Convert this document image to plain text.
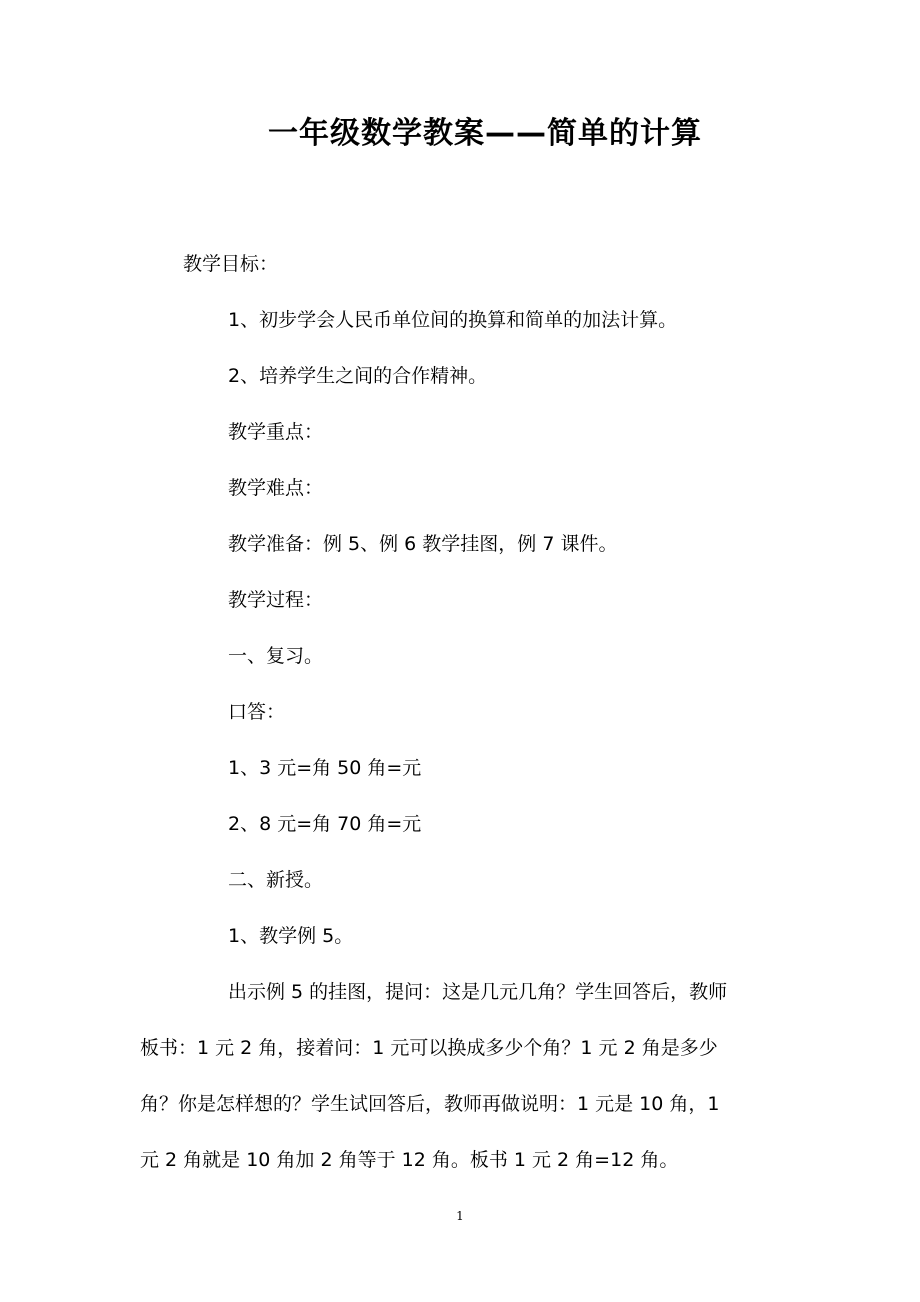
一年级数学教案——简单的计算
教学目标：
1、初步学会人民币单位间的换算和简单的加法计算。
2、培养学生之间的合作精神。
教学重点：
教学难点：
教学准备：例 5、例 6 教学挂图，例 7 课件。
教学过程：
一、复习。
口答：
1、3 元=角 50 角=元
2、8 元=角 70 角=元
二、新授。
1、教学例 5。
出示例 5 的挂图，提问：这是几元几角？学生回答后，教师
板书：1 元 2 角，接着问：1 元可以换成多少个角？1 元 2 角是多少
角？你是怎样想的？学生试回答后，教师再做说明：1 元是 10 角，1
元 2 角就是 10 角加 2 角等于 12 角。板书 1 元 2 角=12 角。
1
